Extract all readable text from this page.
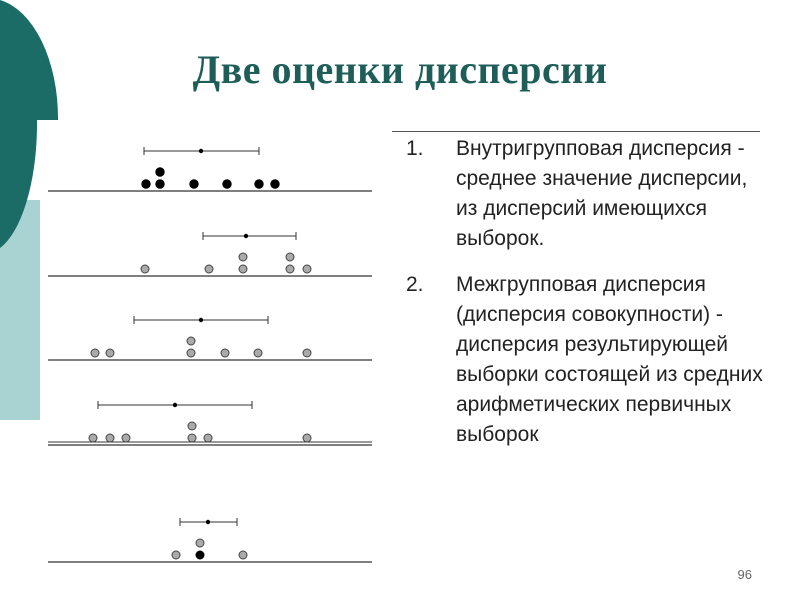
Две оценки дисперсии
1. Внутригрупповая дисперсия - среднее значение дисперсии, из дисперсий имеющихся выборок.
2. Межгрупповая дисперсия (дисперсия совокупности) - дисперсия результирующей выборки состоящей из средних арифметических первичных выборок
96
